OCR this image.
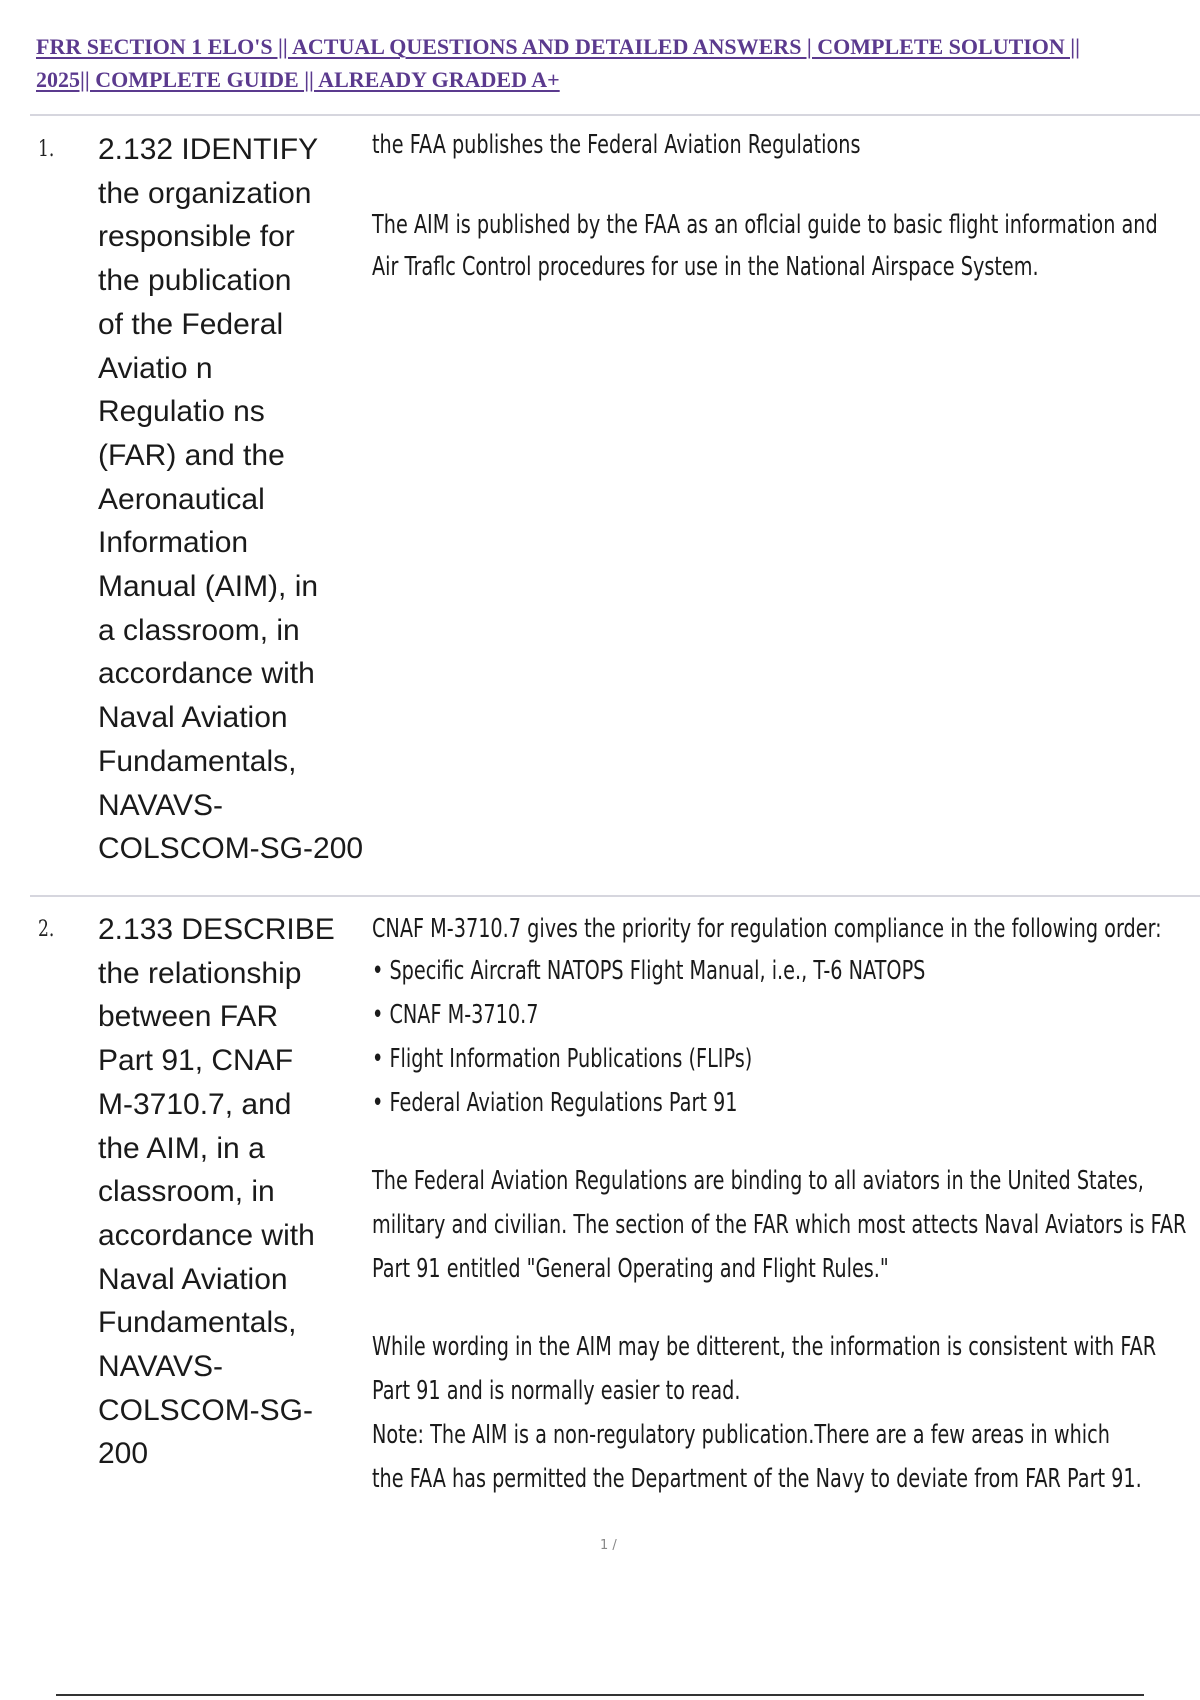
FRR SECTION 1 ELO'S || ACTUAL QUESTIONS AND DETAILED ANSWERS | COMPLETE SOLUTION ||
2025|| COMPLETE GUIDE || ALREADY GRADED A+
1. 2.132 IDENTIFY
the organization
responsible for
the publication
of the Federal
Aviatio n
Regulatio ns
(FAR) and the
Aeronautical
Information
Manual (AIM), in
a classroom, in
accordance with
Naval Aviation
Fundamentals,
NAVAVS-
COLSCOM-SG-200
the FAA publishes the Federal Aviation Regulations
The AIM is published by the FAA as an oflcial guide to basic flight information and
Air Traflc Control procedures for use in the National Airspace System.
2. 2.133 DESCRIBE
the relationship
between FAR
Part 91, CNAF
M-3710.7, and
the AIM, in a
classroom, in
accordance with
Naval Aviation
Fundamentals,
NAVAVS-
COLSCOM-SG-
200
CNAF M-3710.7 gives the priority for regulation compliance in the following order:
• Specific Aircraft NATOPS Flight Manual, i.e., T-6 NATOPS
• CNAF M-3710.7
• Flight Information Publications (FLIPs)
• Federal Aviation Regulations Part 91
The Federal Aviation Regulations are binding to all aviators in the United States,
military and civilian. The section of the FAR which most attects Naval Aviators is FAR
Part 91 entitled "General Operating and Flight Rules."
While wording in the AIM may be ditterent, the information is consistent with FAR
Part 91 and is normally easier to read.
Note: The AIM is a non-regulatory publication.There are a few areas in which
the FAA has permitted the Department of the Navy to deviate from FAR Part 91.
1 /
